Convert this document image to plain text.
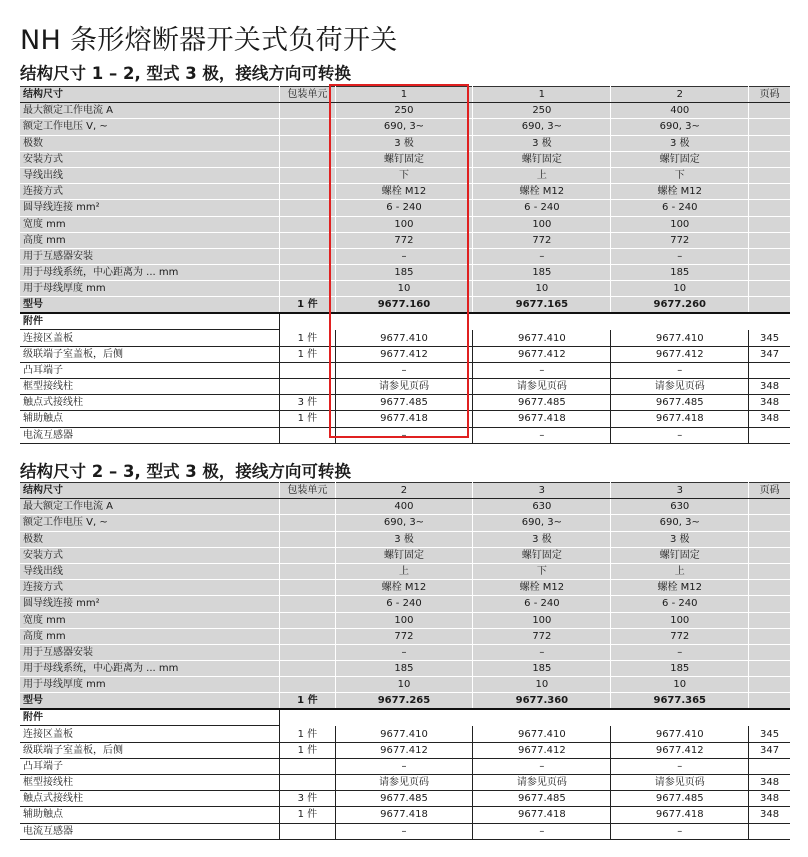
NH 条形熔断器开关式负荷开关
结构尺寸 1 – 2, 型式 3 极，接线方向可转换
结构尺寸	包装单元	1	1	2	页码
最大额定工作电流 A		250	250	400	
额定工作电压 V, ~		690, 3~	690, 3~	690, 3~	
极数		3 极	3 极	3 极	
安装方式		螺钉固定	螺钉固定	螺钉固定	
导线出线		下	上	下	
连接方式		螺栓 M12	螺栓 M12	螺栓 M12	
圆导线连接 mm²		6 - 240	6 - 240	6 - 240	
宽度 mm		100	100	100	
高度 mm		772	772	772	
用于互感器安装		–	–	–	
用于母线系统，中心距离为 ... mm		185	185	185	
用于母线厚度 mm		10	10	10	
型号	1 件	9677.160	9677.165	9677.260	
附件					
连接区盖板	1 件	9677.410	9677.410	9677.410	345
级联端子室盖板，后侧	1 件	9677.412	9677.412	9677.412	347
凸耳端子		–	–	–	
框型接线柱		请参见页码	请参见页码	请参见页码	348
触点式接线柱	3 件	9677.485	9677.485	9677.485	348
辅助触点	1 件	9677.418	9677.418	9677.418	348
电流互感器		–	–	–	
结构尺寸 2 – 3, 型式 3 极，接线方向可转换
结构尺寸	包装单元	2	3	3	页码
最大额定工作电流 A		400	630	630	
额定工作电压 V, ~		690, 3~	690, 3~	690, 3~	
极数		3 极	3 极	3 极	
安装方式		螺钉固定	螺钉固定	螺钉固定	
导线出线		上	下	上	
连接方式		螺栓 M12	螺栓 M12	螺栓 M12	
圆导线连接 mm²		6 - 240	6 - 240	6 - 240	
宽度 mm		100	100	100	
高度 mm		772	772	772	
用于互感器安装		–	–	–	
用于母线系统，中心距离为 ... mm		185	185	185	
用于母线厚度 mm		10	10	10	
型号	1 件	9677.265	9677.360	9677.365	
附件					
连接区盖板	1 件	9677.410	9677.410	9677.410	345
级联端子室盖板，后侧	1 件	9677.412	9677.412	9677.412	347
凸耳端子		–	–	–	
框型接线柱		请参见页码	请参见页码	请参见页码	348
触点式接线柱	3 件	9677.485	9677.485	9677.485	348
辅助触点	1 件	9677.418	9677.418	9677.418	348
电流互感器		–	–	–	
